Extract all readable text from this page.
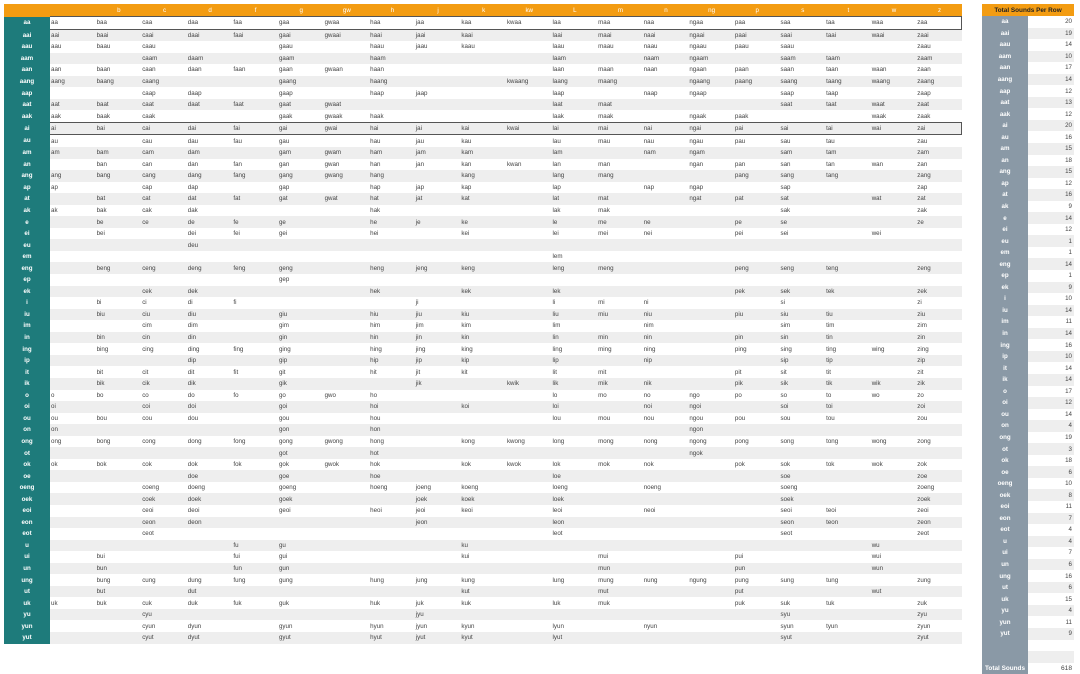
		b	c	d	f	g	gw	h	j	k	kw	L	m	n	ng	p	s	t	w	z
aa	aa	baa	caa	daa	faa	gaa	gwaa	haa	jaa	kaa	kwaa	laa	maa	naa	ngaa	paa	saa	taa	waa	zaa
aai	aai	baai	caai	daai	faai	gaai	gwaai	haai	jaai	kaai		laai	maai	naai	ngaai	paai	saai	taai	waai	zaai
aau	aau	baau	caau			gaau		haau	jaau	kaau		laau	maau	naau	ngaau	paau	saau			zaau
aam			caam	daam		gaam		haam				laam		naam	ngaam		saam	taam		zaam
aan	aan	baan	caan	daan	faan	gaan	gwaan	haan				laan	maan	naan	ngaan	paan	saan	taan	waan	zaan
aang	aang	baang	caang			gaang		haang			kwaang	laang	maang		ngaang	paang	saang	taang	waang	zaang
aap			caap	daap		gaap		haap	jaap			laap		naap	ngaap		saap	taap		zaap
aat	aat	baat	caat	daat	faat	gaat	gwaat					laat	maat				saat	taat	waat	zaat
aak	aak	baak	caak			gaak	gwaak	haak				laak	maak		ngaak	paak			waak	zaak
ai	ai	bai	cai	dai	fai	gai	gwai	hai	jai	kai	kwai	lai	mai	nai	ngai	pai	sai	tai	wai	zai
au	au		cau	dau	fau	gau		hau	jau	kau		lau	mau	nau	ngau	pau	sau	tau		zau
am	am	bam	cam	dam		gam	gwam	ham	jam	kam		lam		nam	ngam		sam	tam		zam
an		ban	can	dan	fan	gan	gwan	han	jan	kan	kwan	lan	man		ngan	pan	san	tan	wan	zan
ang	ang	bang	cang	dang	fang	gang	gwang	hang		kang		lang	mang			pang	sang	tang		zang
ap	ap		cap	dap		gap		hap	jap	kap		lap		nap	ngap		sap			zap
at		bat	cat	dat	fat	gat	gwat	hat	jat	kat		lat	mat		ngat	pat	sat		wat	zat
ak	ak	bak	cak	dak				hak				lak	mak				sak			zak
e		be	ce	de	fe	ge		he	je	ke		le	me	ne		pe	se			ze
ei		bei		dei	fei	gei		hei		kei		lei	mei	nei		pei	sei		wei	
eu				deu																
em												lem								
eng		beng	ceng	deng	feng	geng		heng	jeng	keng		leng	meng			peng	seng	teng		zeng
ep						gep														
ek			cek	dek				hek		kek		lek				pek	sek	tek		zek
i		bi	ci	di	fi				ji			li	mi	ni			si			zi
iu		biu	ciu	diu		giu		hiu	jiu	kiu		liu	miu	niu		piu	siu	tiu		ziu
im			cim	dim		gim		him	jim	kim		lim		nim			sim	tim		zim
in		bin	cin	din		gin		hin	jin	kin		lin	min	nin		pin	sin	tin		zin
ing		bing	cing	ding	fing	ging		hing	jing	king		ling	ming	ning		ping	sing	ting	wing	zing
ip				dip		gip		hip	jip	kip		lip		nip			sip	tip		zip
it		bit	cit	dit	fit	git		hit	jit	kit		lit	mit			pit	sit	tit		zit
ik		bik	cik	dik		gik			jik		kwik	lik	mik	nik		pik	sik	tik	wik	zik
o	o	bo	co	do	fo	go	gwo	ho				lo	mo	no	ngo	po	so	to	wo	zo
oi	oi		coi	doi		goi		hoi		koi		loi		noi	ngoi		soi	toi		zoi
ou	ou	bou	cou	dou		gou		hou				lou	mou	nou	ngou	pou	sou	tou		zou
on	on					gon		hon							ngon					
ong	ong	bong	cong	dong	fong	gong	gwong	hong		kong	kwong	long	mong	nong	ngong	pong	song	tong	wong	zong
ot						got		hot							ngok					
ok	ok	bok	cok	dok	fok	gok	gwok	hok		kok	kwok	lok	mok	nok		pok	sok	tok	wok	zok
oe				doe		goe		hoe				loe					soe			zoe
oeng			coeng	doeng		goeng		hoeng	joeng	koeng		loeng		noeng			soeng			zoeng
oek			coek	doek		goek			joek	koek		loek					soek			zoek
eoi			ceoi	deoi		geoi		heoi	jeoi	keoi		leoi		neoi			seoi	teoi		zeoi
eon			ceon	deon					jeon			leon					seon	teon		zeon
eot			ceot									leot					seot			zeot
u					fu	gu				ku									wu	
ui		bui			fui	gui				kui			mui			pui			wui	
un		bun			fun	gun							mun			pun			wun	
ung		bung	cung	dung	fung	gung		hung	jung	kung		lung	mung	nung	ngung	pung	sung	tung		zung
ut		but		dut						kut			mut			put			wut	
uk	uk	buk	cuk	duk	fuk	guk		huk	juk	kuk		luk	muk			puk	suk	tuk		zuk
yu			cyu						jyu								syu			zyu
yun			cyun	dyun		gyun		hyun	jyun	kyun		lyun		nyun			syun	tyun		zyun
yut			cyut	dyut		gyut		hyut	jyut	kyut		lyut					syut			zyut
Total Sounds Per Row	
aa	20
aai	19
aau	14
aam	10
aan	17
aang	14
aap	12
aat	13
aak	12
ai	20
au	16
am	15
an	18
ang	15
ap	12
at	16
ak	9
e	14
ei	12
eu	1
em	1
eng	14
ep	1
ek	9
i	10
iu	14
im	11
in	14
ing	16
ip	10
it	14
ik	14
o	17
oi	12
ou	14
on	4
ong	19
ot	3
ok	18
oe	6
oeng	10
oek	8
eoi	11
eon	7
eot	4
u	4
ui	7
un	6
ung	16
ut	6
uk	15
yu	4
yun	11
yut	9

Total Sounds	618
